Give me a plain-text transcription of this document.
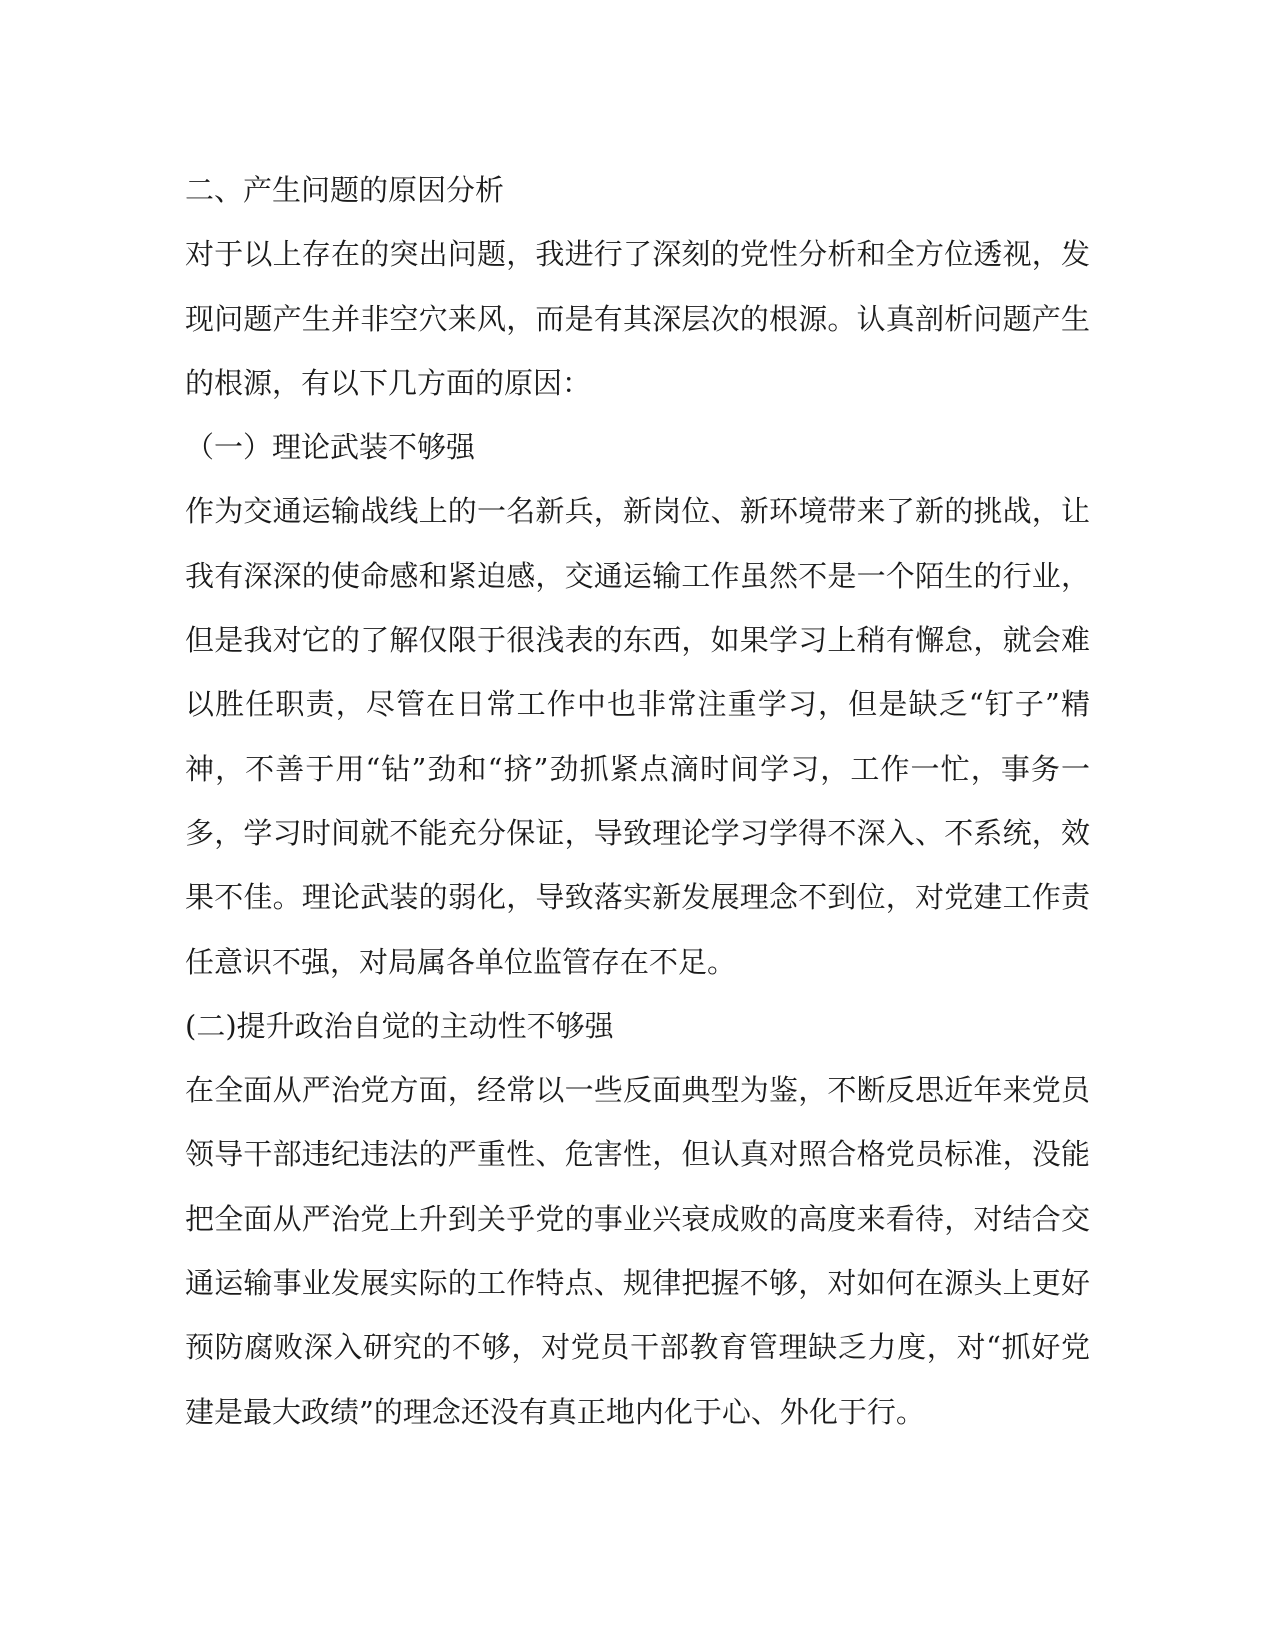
二、产生问题的原因分析

对于以上存在的突出问题，我进行了深刻的党性分析和全方位透视，发现问题产生并非空穴来风，而是有其深层次的根源。认真剖析问题产生的根源，有以下几方面的原因：

（一）理论武装不够强

作为交通运输战线上的一名新兵，新岗位、新环境带来了新的挑战，让我有深深的使命感和紧迫感，交通运输工作虽然不是一个陌生的行业，但是我对它的了解仅限于很浅表的东西，如果学习上稍有懈怠，就会难以胜任职责，尽管在日常工作中也非常注重学习，但是缺乏“钉子”精神，不善于用“钻”劲和“挤”劲抓紧点滴时间学习，工作一忙，事务一多，学习时间就不能充分保证，导致理论学习学得不深入、不系统，效果不佳。理论武装的弱化，导致落实新发展理念不到位，对党建工作责任意识不强，对局属各单位监管存在不足。

(二)提升政治自觉的主动性不够强

在全面从严治党方面，经常以一些反面典型为鉴，不断反思近年来党员领导干部违纪违法的严重性、危害性，但认真对照合格党员标准，没能把全面从严治党上升到关乎党的事业兴衰成败的高度来看待，对结合交通运输事业发展实际的工作特点、规律把握不够，对如何在源头上更好预防腐败深入研究的不够，对党员干部教育管理缺乏力度，对“抓好党建是最大政绩”的理念还没有真正地内化于心、外化于行。
